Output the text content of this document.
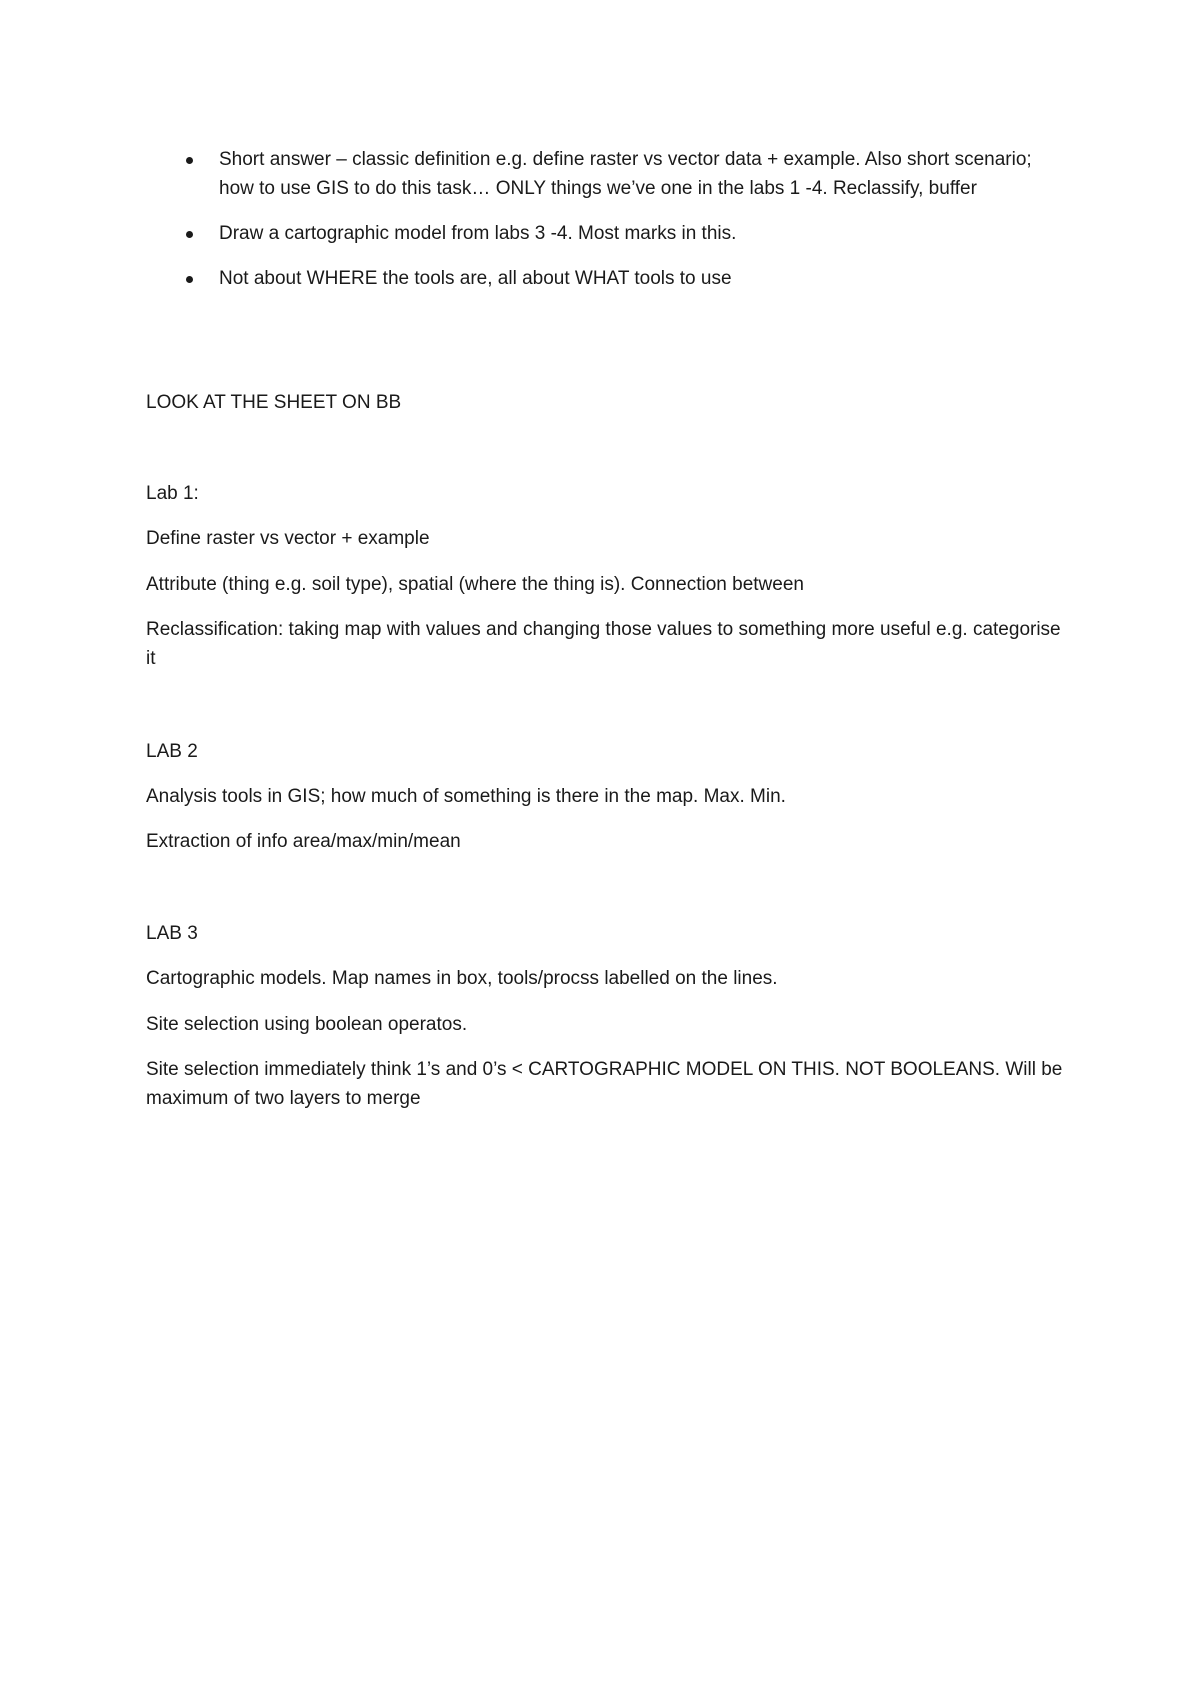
Short answer – classic definition e.g. define raster vs vector data + example. Also short scenario; how to use GIS to do this task… ONLY things we’ve one in the labs 1 -4. Reclassify, buffer
Draw a cartographic model from labs 3 -4. Most marks in this.
Not about WHERE the tools are, all about WHAT tools to use

LOOK AT THE SHEET ON BB

Lab 1:

Define raster vs vector + example

Attribute (thing e.g. soil type), spatial (where the thing is). Connection between

Reclassification: taking map with values and changing those values to something more useful e.g. categorise it

LAB 2

Analysis tools in GIS; how much of something is there in the map. Max. Min.

Extraction of info area/max/min/mean

LAB 3

Cartographic models. Map names in box, tools/procss labelled on the lines.

Site selection using boolean operatos.

Site selection immediately think 1’s and 0’s < CARTOGRAPHIC MODEL ON THIS. NOT BOOLEANS. Will be maximum of two layers to merge
